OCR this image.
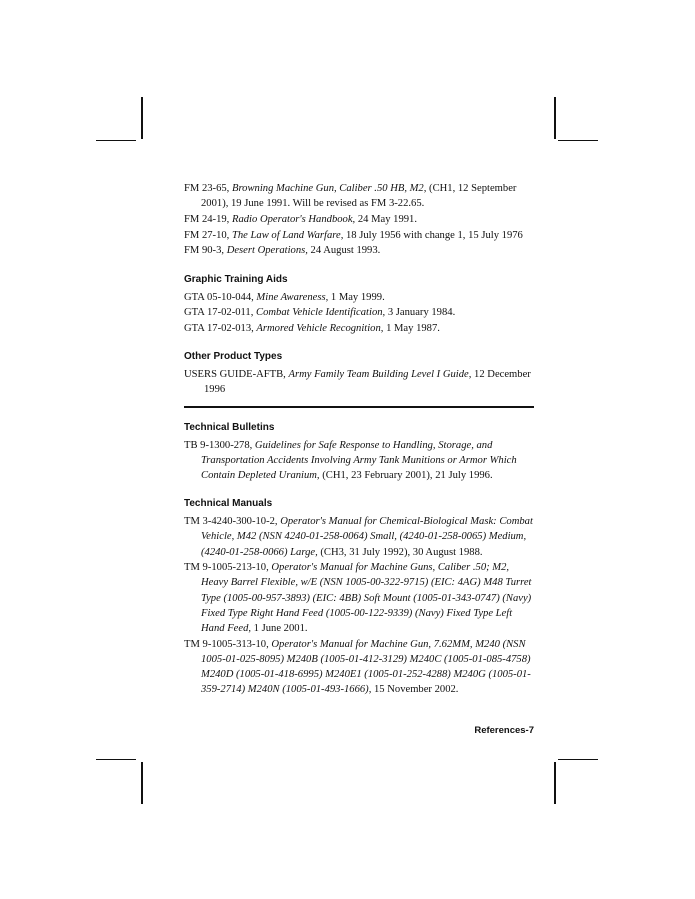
FM 23-65, Browning Machine Gun, Caliber .50 HB, M2, (CH1, 12 September 2001), 19 June 1991. Will be revised as FM 3-22.65.

FM 24-19, Radio Operator's Handbook, 24 May 1991.

FM 27-10, The Law of Land Warfare, 18 July 1956 with change 1, 15 July 1976

FM 90-3, Desert Operations, 24 August 1993.

Graphic Training Aids

GTA 05-10-044, Mine Awareness, 1 May 1999.

GTA 17-02-011, Combat Vehicle Identification, 3 January 1984.

GTA 17-02-013, Armored Vehicle Recognition, 1 May 1987.

Other Product Types

USERS GUIDE-AFTB, Army Family Team Building Level I Guide, 12 December 1996

Technical Bulletins

TB 9-1300-278, Guidelines for Safe Response to Handling, Storage, and Transportation Accidents Involving Army Tank Munitions or Armor Which Contain Depleted Uranium, (CH1, 23 February 2001), 21 July 1996.

Technical Manuals

TM 3-4240-300-10-2, Operator's Manual for Chemical-Biological Mask: Combat Vehicle, M42 (NSN 4240-01-258-0064) Small, (4240-01-258-0065) Medium, (4240-01-258-0066) Large, (CH3, 31 July 1992), 30 August 1988.

TM 9-1005-213-10, Operator's Manual for Machine Guns, Caliber .50; M2, Heavy Barrel Flexible, w/E (NSN 1005-00-322-9715) (EIC: 4AG) M48 Turret Type (1005-00-957-3893) (EIC: 4BB) Soft Mount (1005-01-343-0747) (Navy) Fixed Type Right Hand Feed (1005-00-122-9339) (Navy) Fixed Type Left Hand Feed, 1 June 2001.

TM 9-1005-313-10, Operator's Manual for Machine Gun, 7.62MM, M240 (NSN 1005-01-025-8095) M240B (1005-01-412-3129) M240C (1005-01-085-4758) M240D (1005-01-418-6995) M240E1 (1005-01-252-4288) M240G (1005-01-359-2714) M240N (1005-01-493-1666), 15 November 2002.

References-7
